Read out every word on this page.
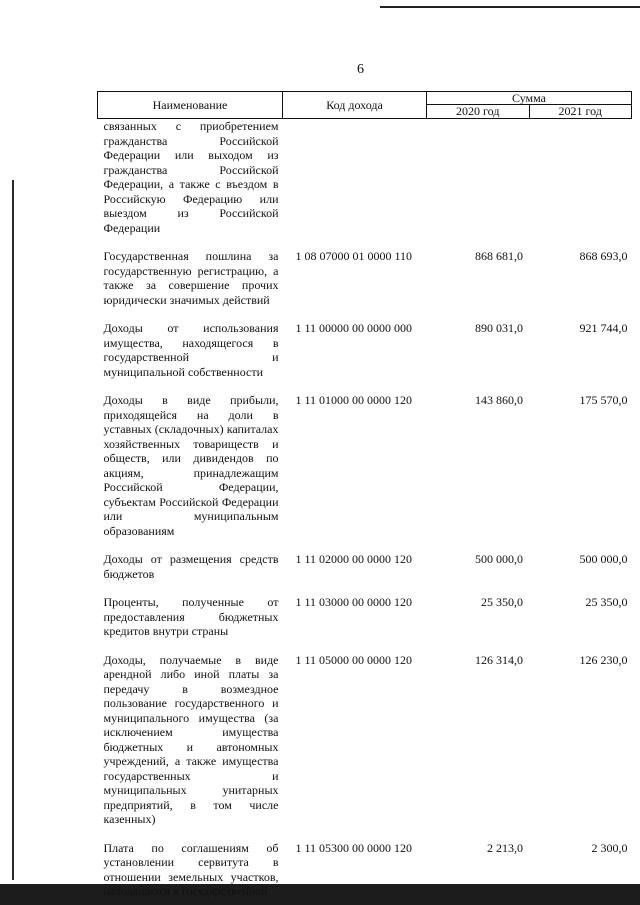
6
Наименование	Код дохода	Сумма	
		2020 год	2021 год
связанных с приобретением гражданства Российской Федерации или выходом из гражданства Российской Федерации, а также с въездом в Российскую Федерацию или выездом из Российской Федерации			

Государственная пошлина за государственную регистрацию, а также за совершение прочих юридически значимых действий	1 08 07000 01 0000 110	868 681,0	868 693,0

Доходы от использования имущества, находящегося в государственной и муниципальной собственности	1 11 00000 00 0000 000	890 031,0	921 744,0

Доходы в виде прибыли, приходящейся на доли в уставных (складочных) капиталах хозяйственных товариществ и обществ, или дивидендов по акциям, принадлежащим Российской Федерации, субъектам Российской Федерации или муниципальным образованиям	1 11 01000 00 0000 120	143 860,0	175 570,0

Доходы от размещения средств бюджетов	1 11 02000 00 0000 120	500 000,0	500 000,0

Проценты, полученные от предоставления бюджетных кредитов внутри страны	1 11 03000 00 0000 120	25 350,0	25 350,0

Доходы, получаемые в виде арендной либо иной платы за передачу в возмездное пользование государственного и муниципального имущества (за исключением имущества бюджетных и автономных учреждений, а также имущества государственных и муниципальных унитарных предприятий, в том числе казенных)	1 11 05000 00 0000 120	126 314,0	126 230,0

Плата по соглашениям об установлении сервитута в отношении земельных участков, находящихся в государственной	1 11 05300 00 0000 120	2 213,0	2 300,0
